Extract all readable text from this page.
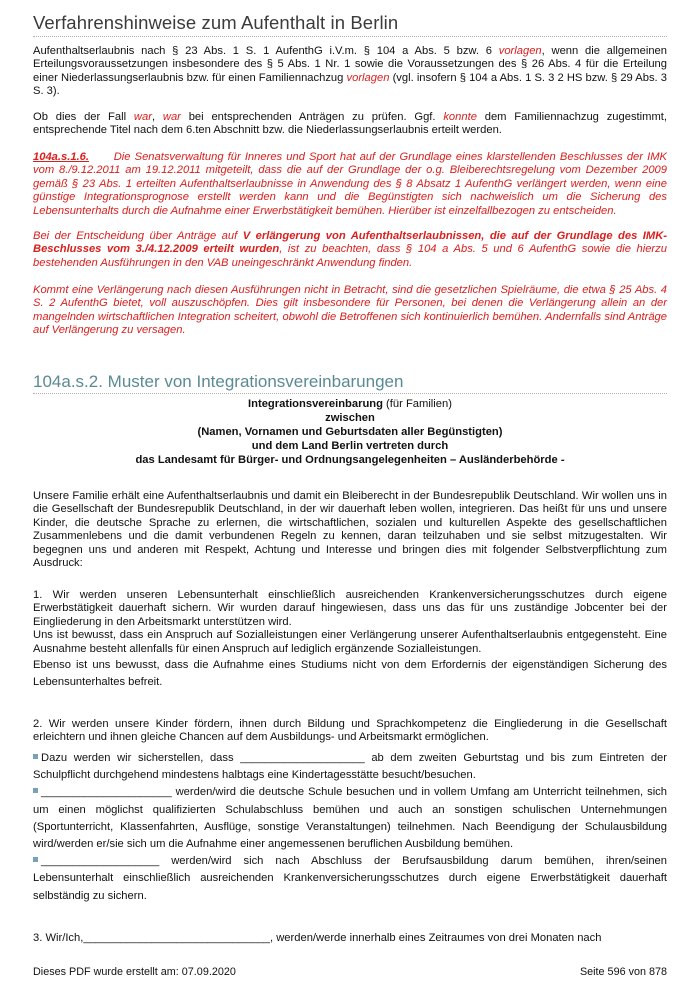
Verfahrenshinweise zum Aufenthalt in Berlin
Aufenthaltserlaubnis nach § 23 Abs. 1 S. 1 AufenthG i.V.m. § 104 a Abs. 5 bzw. 6 vorlagen, wenn die allgemeinen Erteilungsvoraussetzungen insbesondere des § 5 Abs. 1 Nr. 1 sowie die Voraussetzungen des § 26 Abs. 4 für die Erteilung einer Niederlassungserlaubnis bzw. für einen Familiennachzug vorlagen (vgl. insofern § 104 a Abs. 1 S. 3 2 HS bzw. § 29 Abs. 3 S. 3).
Ob dies der Fall war, war bei entsprechenden Anträgen zu prüfen. Ggf. konnte dem Familiennachzug zugestimmt, entsprechende Titel nach dem 6.ten Abschnitt bzw. die Niederlassungserlaubnis erteilt werden.
104a.s.1.6. Die Senatsverwaltung für Inneres und Sport hat auf der Grundlage eines klarstellenden Beschlusses der IMK vom 8./9.12.2011 am 19.12.2011 mitgeteilt, dass die auf der Grundlage der o.g. Bleiberechtsregelung vom Dezember 2009 gemäß § 23 Abs. 1 erteilten Aufenthaltserlaubnisse in Anwendung des § 8 Absatz 1 AufenthG verlängert werden, wenn eine günstige Integrationsprognose erstellt werden kann und die Begünstigten sich nachweislich um die Sicherung des Lebensunterhalts durch die Aufnahme einer Erwerbstätigkeit bemühen. Hierüber ist einzelfallbezogen zu entscheiden.
Bei der Entscheidung über Anträge auf V erlängerung von Aufenthaltserlaubnissen, die auf der Grundlage des IMK-Beschlusses vom 3./4.12.2009 erteilt wurden, ist zu beachten, dass § 104 a Abs. 5 und 6 AufenthG sowie die hierzu bestehenden Ausführungen in den VAB uneingeschränkt Anwendung finden.
Kommt eine Verlängerung nach diesen Ausführungen nicht in Betracht, sind die gesetzlichen Spielräume, die etwa § 25 Abs. 4 S. 2 AufenthG bietet, voll auszuschöpfen. Dies gilt insbesondere für Personen, bei denen die Verlängerung allein an der mangelnden wirtschaftlichen Integration scheitert, obwohl die Betroffenen sich kontinuierlich bemühen. Andernfalls sind Anträge auf Verlängerung zu versagen.
104a.s.2. Muster von Integrationsvereinbarungen
Integrationsvereinbarung (für Familien)
zwischen
(Namen, Vornamen und Geburtsdaten aller Begünstigten)
und dem Land Berlin vertreten durch
das Landesamt für Bürger- und Ordnungsangelegenheiten – Ausländerbehörde -
Unsere Familie erhält eine Aufenthaltserlaubnis und damit ein Bleiberecht in der Bundesrepublik Deutschland. Wir wollen uns in die Gesellschaft der Bundesrepublik Deutschland, in der wir dauerhaft leben wollen, integrieren. Das heißt für uns und unsere Kinder, die deutsche Sprache zu erlernen, die wirtschaftlichen, sozialen und kulturellen Aspekte des gesellschaftlichen Zusammenlebens und die damit verbundenen Regeln zu kennen, daran teilzuhaben und sie selbst mitzugestalten. Wir begegnen uns und anderen mit Respekt, Achtung und Interesse und bringen dies mit folgender Selbstverpflichtung zum Ausdruck:
1. Wir werden unseren Lebensunterhalt einschließlich ausreichenden Krankenversicherungsschutzes durch eigene Erwerbstätigkeit dauerhaft sichern. Wir wurden darauf hingewiesen, dass uns das für uns zuständige Jobcenter bei der Eingliederung in den Arbeitsmarkt unterstützen wird.
Uns ist bewusst, dass ein Anspruch auf Sozialleistungen einer Verlängerung unserer Aufenthaltserlaubnis entgegensteht. Eine Ausnahme besteht allenfalls für einen Anspruch auf lediglich ergänzende Sozialleistungen.
Ebenso ist uns bewusst, dass die Aufnahme eines Studiums nicht von dem Erfordernis der eigenständigen Sicherung des Lebensunterhaltes befreit.
2. Wir werden unsere Kinder fördern, ihnen durch Bildung und Sprachkompetenz die Eingliederung in die Gesellschaft erleichtern und ihnen gleiche Chancen auf dem Ausbildungs- und Arbeitsmarkt ermöglichen.
Dazu werden wir sicherstellen, dass ____________________ ab dem zweiten Geburtstag und bis zum Eintreten der Schulpflicht durchgehend mindestens halbtags eine Kindertagesstätte besucht/besuchen.
_____________________ werden/wird die deutsche Schule besuchen und in vollem Umfang am Unterricht teilnehmen, sich um einen möglichst qualifizierten Schulabschluss bemühen und auch an sonstigen schulischen Unternehmungen (Sportunterricht, Klassenfahrten, Ausflüge, sonstige Veranstaltungen) teilnehmen. Nach Beendigung der Schulausbildung wird/werden er/sie sich um die Aufnahme einer angemessenen beruflichen Ausbildung bemühen.
___________________ werden/wird sich nach Abschluss der Berufsausbildung darum bemühen, ihren/seinen Lebensunterhalt einschließlich ausreichenden Krankenversicherungsschutzes durch eigene Erwerbstätigkeit dauerhaft selbständig zu sichern.
3. Wir/Ich,______________________________, werden/werde innerhalb eines Zeitraumes von drei Monaten nach
Dieses PDF wurde erstellt am: 07.09.2020	Seite 596 von 878
